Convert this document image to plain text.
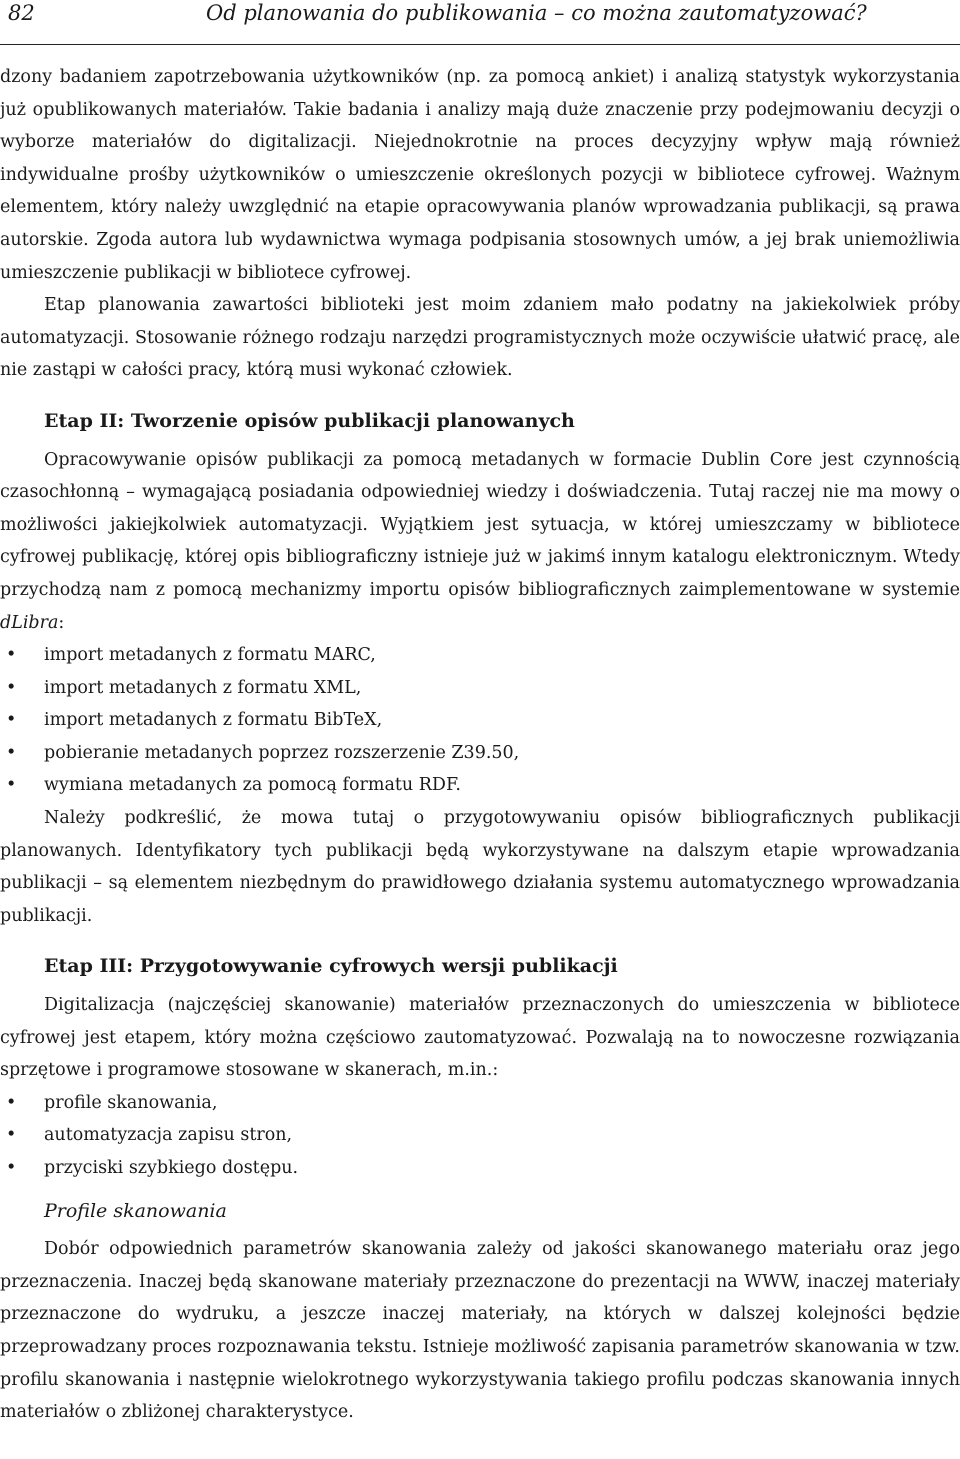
82	Od planowania do publikowania – co można zautomatyzować?

dzony badaniem zapotrzebowania użytkowników (np. za pomocą ankiet) i analizą statystyk wykorzystania już opublikowanych materiałów. Takie badania i analizy mają duże znaczenie przy podejmowaniu decyzji o wyborze materiałów do digitalizacji. Niejednokrotnie na proces decyzyjny wpływ mają również indywidualne prośby użytkowników o umieszczenie określonych pozycji w bibliotece cyfrowej. Ważnym elementem, który należy uwzględnić na etapie opracowywania planów wprowadzania publikacji, są prawa autorskie. Zgoda autora lub wydawnictwa wymaga podpisania stosownych umów, a jej brak uniemożliwia umieszczenie publikacji w bibliotece cyfrowej.

Etap planowania zawartości biblioteki jest moim zdaniem mało podatny na jakiekolwiek próby automatyzacji. Stosowanie różnego rodzaju narzędzi programistycznych może oczywiście ułatwić pracę, ale nie zastąpi w całości pracy, którą musi wykonać człowiek.

Etap II: Tworzenie opisów publikacji planowanych

Opracowywanie opisów publikacji za pomocą metadanych w formacie Dublin Core jest czynnością czasochłonną – wymagającą posiadania odpowiedniej wiedzy i doświadczenia. Tutaj raczej nie ma mowy o możliwości jakiejkolwiek automatyzacji. Wyjątkiem jest sytuacja, w której umieszczamy w bibliotece cyfrowej publikację, której opis bibliograficzny istnieje już w jakimś innym katalogu elektronicznym. Wtedy przychodzą nam z pomocą mechanizmy importu opisów bibliograficznych zaimplementowane w systemie dLibra:

• import metadanych z formatu MARC,
• import metadanych z formatu XML,
• import metadanych z formatu BibTeX,
• pobieranie metadanych poprzez rozszerzenie Z39.50,
• wymiana metadanych za pomocą formatu RDF.

Należy podkreślić, że mowa tutaj o przygotowywaniu opisów bibliograficznych publikacji planowanych. Identyfikatory tych publikacji będą wykorzystywane na dalszym etapie wprowadzania publikacji – są elementem niezbędnym do prawidłowego działania systemu automatycznego wprowadzania publikacji.

Etap III: Przygotowywanie cyfrowych wersji publikacji

Digitalizacja (najczęściej skanowanie) materiałów przeznaczonych do umieszczenia w bibliotece cyfrowej jest etapem, który można częściowo zautomatyzować. Pozwalają na to nowoczesne rozwiązania sprzętowe i programowe stosowane w skanerach, m.in.:

• profile skanowania,
• automatyzacja zapisu stron,
• przyciski szybkiego dostępu.
Profile skanowania

Dobór odpowiednich parametrów skanowania zależy od jakości skanowanego materiału oraz jego przeznaczenia. Inaczej będą skanowane materiały przeznaczone do prezentacji na WWW, inaczej materiały przeznaczone do wydruku, a jeszcze inaczej materiały, na których w dalszej kolejności będzie przeprowadzany proces rozpoznawania tekstu. Istnieje możliwość zapisania parametrów skanowania w tzw. profilu skanowania i następnie wielokrotnego wykorzystywania takiego profilu podczas skanowania innych materiałów o zbliżonej charakterystyce.
